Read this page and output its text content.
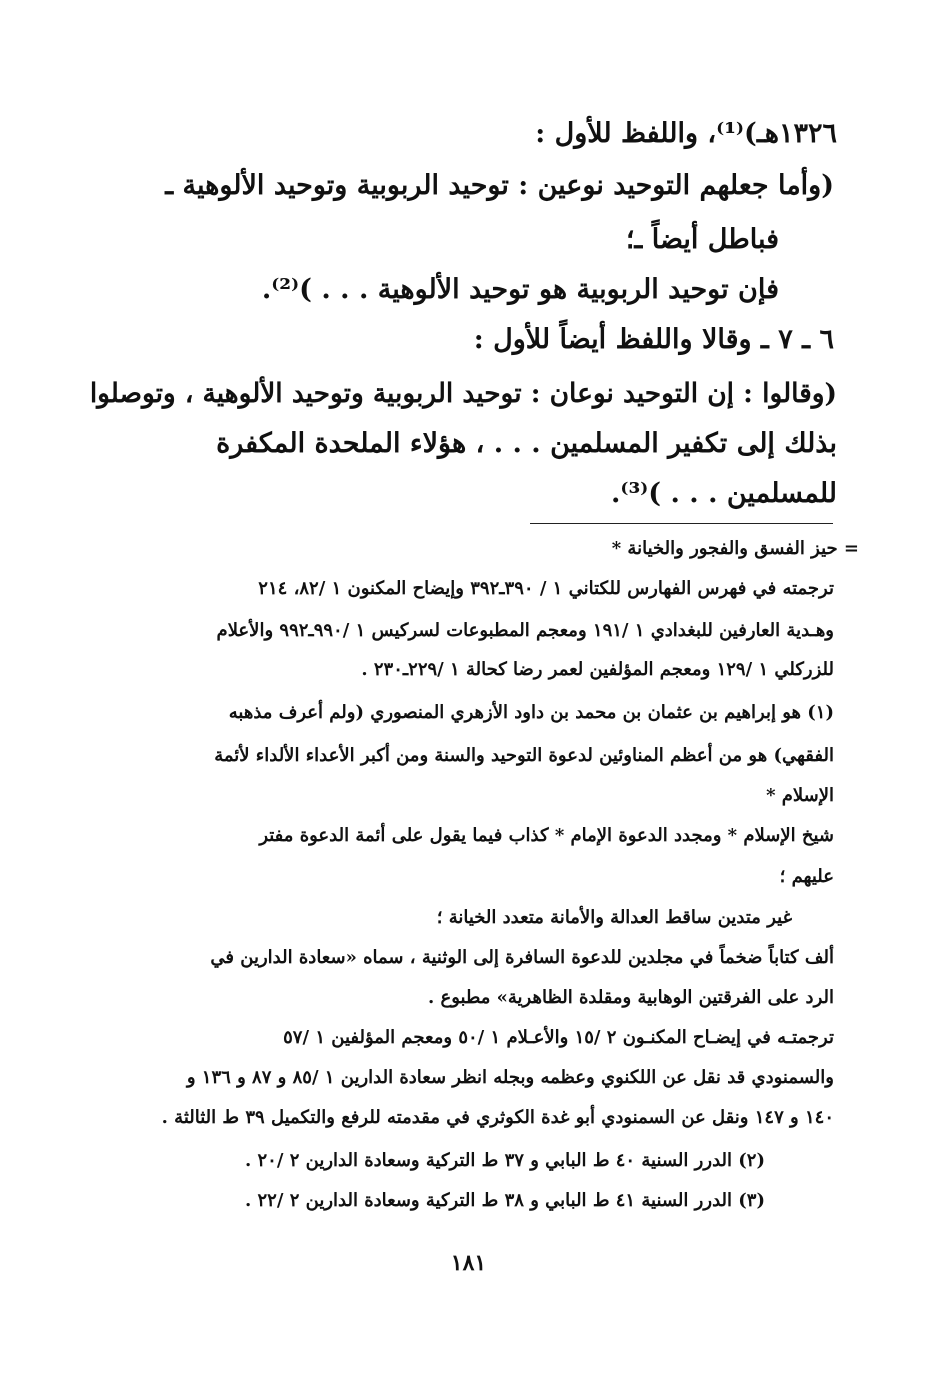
١٣٢٦هـ)⁽¹⁾، واللفظ للأول :
(وأما جعلهم التوحيد نوعين : توحيد الربوبية وتوحيد الألوهية ـ
فباطل أيضاً ـ؛
فإن توحيد الربوبية هو توحيد الألوهية . . . )⁽²⁾.
٦ ـ ٧ ـ وقالا واللفظ أيضاً للأول :
(وقالوا : إن التوحيد نوعان : توحيد الربوبية وتوحيد الألوهية ، وتوصلوا
بذلك إلى تكفير المسلمين . . . ، هؤلاء الملحدة المكفرة
للمسلمين . . . )⁽³⁾.
= حيز الفسق والفجور والخيانة *
ترجمته في فهرس الفهارس للكتاني ١ / ٣٩٠ـ٣٩٢ وإيضاح المكنون ١ /٨٢، ٢١٤
وهـدية العارفين للبغدادي ١ /١٩١ ومعجم المطبوعات لسركيس ١ /٩٩٠ـ٩٩٢ والأعلام
للزركلي ١ /١٢٩ ومعجم المؤلفين لعمر رضا كحالة ١ /٢٢٩ـ٢٣٠ .
(١) هو إبراهيم بن عثمان بن محمد بن داود الأزهري المنصوري (ولم أعرف مذهبه
الفقهي) هو من أعظم المناوئين لدعوة التوحيد والسنة ومن أكبر الأعداء الألداء لأئمة
الإسلام *
شيخ الإسلام * ومجدد الدعوة الإمام * كذاب فيما يقول على أئمة الدعوة مفتر
عليهم ؛
غير متدين ساقط العدالة والأمانة متعدد الخيانة ؛
ألف كتاباً ضخماً في مجلدين للدعوة السافرة إلى الوثنية ، سماه «سعادة الدارين في
الرد على الفرقتين الوهابية ومقلدة الظاهرية» مطبوع .
ترجمتـه في إيضـاح المكنـون ٢ /١٥ والأعـلام ١ /٥٠ ومعجم المؤلفين ١ /٥٧
والسمنودي قد نقل عن اللكنوي وعظمه وبجله انظر سعادة الدارين ١ /٨٥ و ٨٧ و ١٣٦ و
١٤٠ و ١٤٧ ونقل عن السمنودي أبو غدة الكوثري في مقدمته للرفع والتكميل ٣٩ ط الثالثة .
(٢) الدرر السنية ٤٠ ط البابي و ٣٧ ط التركية وسعادة الدارين ٢ /٢٠ .
(٣) الدرر السنية ٤١ ط البابي و ٣٨ ط التركية وسعادة الدارين ٢ /٢٢ .
١٨١
